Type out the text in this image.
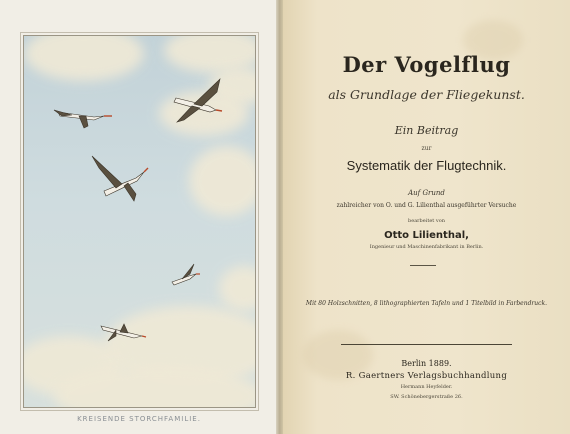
KREISENDE STORCHFAMILIE.
Der Vogelflug
als Grundlage der Fliegekunst.
Ein Beitrag
zur
Systematik der Flugtechnik.
Auf Grund
zahlreicher von O. und G. Lilienthal ausgeführter Versuche
bearbeitet von
Otto Lilienthal,
Ingenieur und Maschinenfabrikant in Berlin.
Mit 80 Holzschnitten, 8 lithographierten Tafeln und 1 Titelbild in Farbendruck.
Berlin 1889.
R. Gaertners Verlagsbuchhandlung
Hermann Heyfelder.
SW. Schönebergerstraße 26.
